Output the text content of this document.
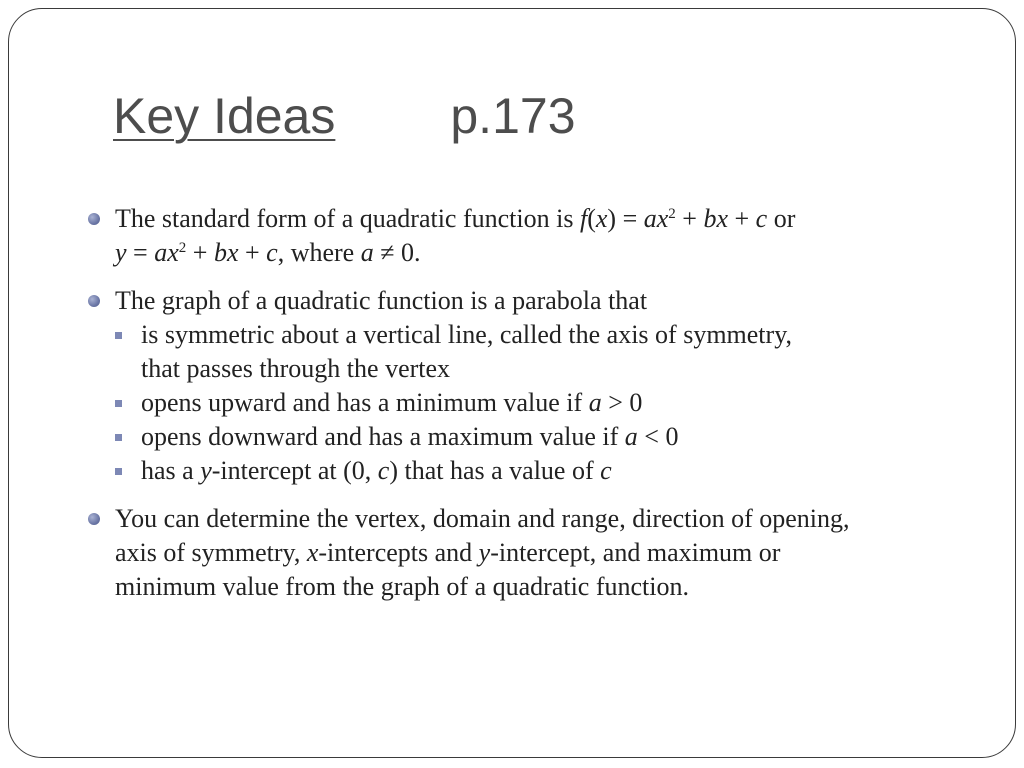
Key Ideas p.173
The standard form of a quadratic function is $f(x) = ax^2$ + bx + c or
$y = ax^2$ + bx + c, where a ≠ 0.
The graph of a quadratic function is a parabola that
is symmetric about a vertical line, called the axis of symmetry,
that passes through the vertex
opens upward and has a minimum value if a > 0
opens downward and has a maximum value if a < 0
has a y-intercept at (0, c) that has a value of c
You can determine the vertex, domain and range, direction of opening,
axis of symmetry, x-intercepts and y-intercept, and maximum or
minimum value from the graph of a quadratic function.
